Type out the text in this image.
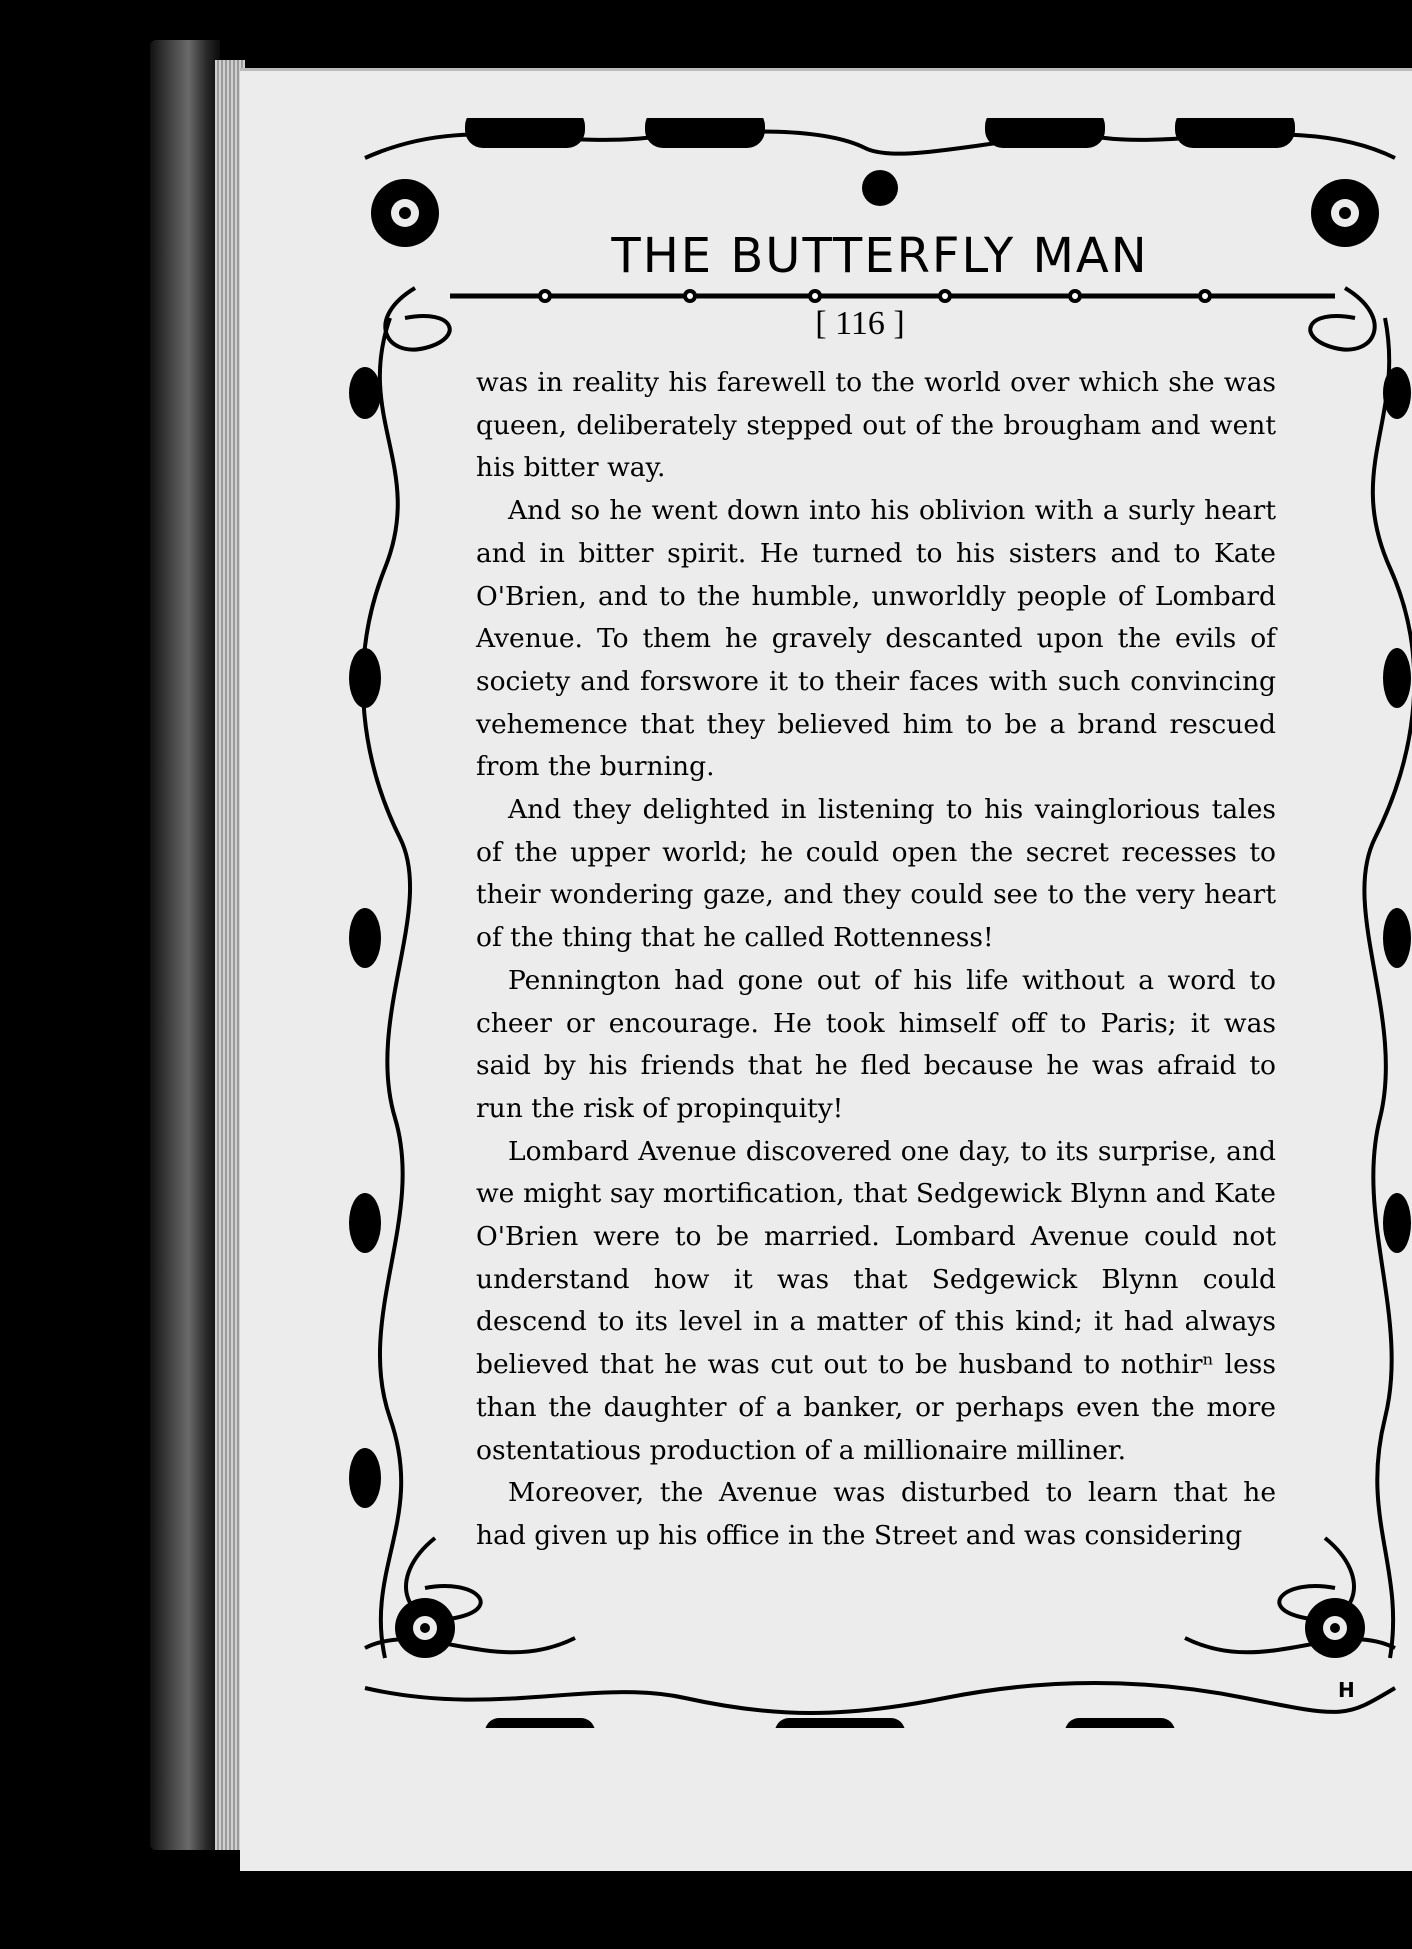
THE BUTTERFLY MAN
[ 116 ]

was in reality his farewell to the world over which she was queen, deliberately stepped out of the brougham and went his bitter way.

And so he went down into his oblivion with a surly heart and in bitter spirit. He turned to his sisters and to Kate O'Brien, and to the humble, unworldly people of Lombard Avenue. To them he gravely descanted upon the evils of society and forswore it to their faces with such convincing vehemence that they believed him to be a brand rescued from the burning.

And they delighted in listening to his vainglorious tales of the upper world; he could open the secret recesses to their wondering gaze, and they could see to the very heart of the thing that he called Rottenness!

Pennington had gone out of his life without a word to cheer or encourage. He took himself off to Paris; it was said by his friends that he fled because he was afraid to run the risk of propinquity!

Lombard Avenue discovered one day, to its surprise, and we might say mortification, that Sedgewick Blynn and Kate O'Brien were to be married. Lombard Avenue could not understand how it was that Sedgewick Blynn could descend to its level in a matter of this kind; it had always believed that he was cut out to be husband to nothirⁿ less than the daughter of a banker, or perhaps even the more ostentatious production of a millionaire milliner.

Moreover, the Avenue was disturbed to learn that he had given up his office in the Street and was considering

H
